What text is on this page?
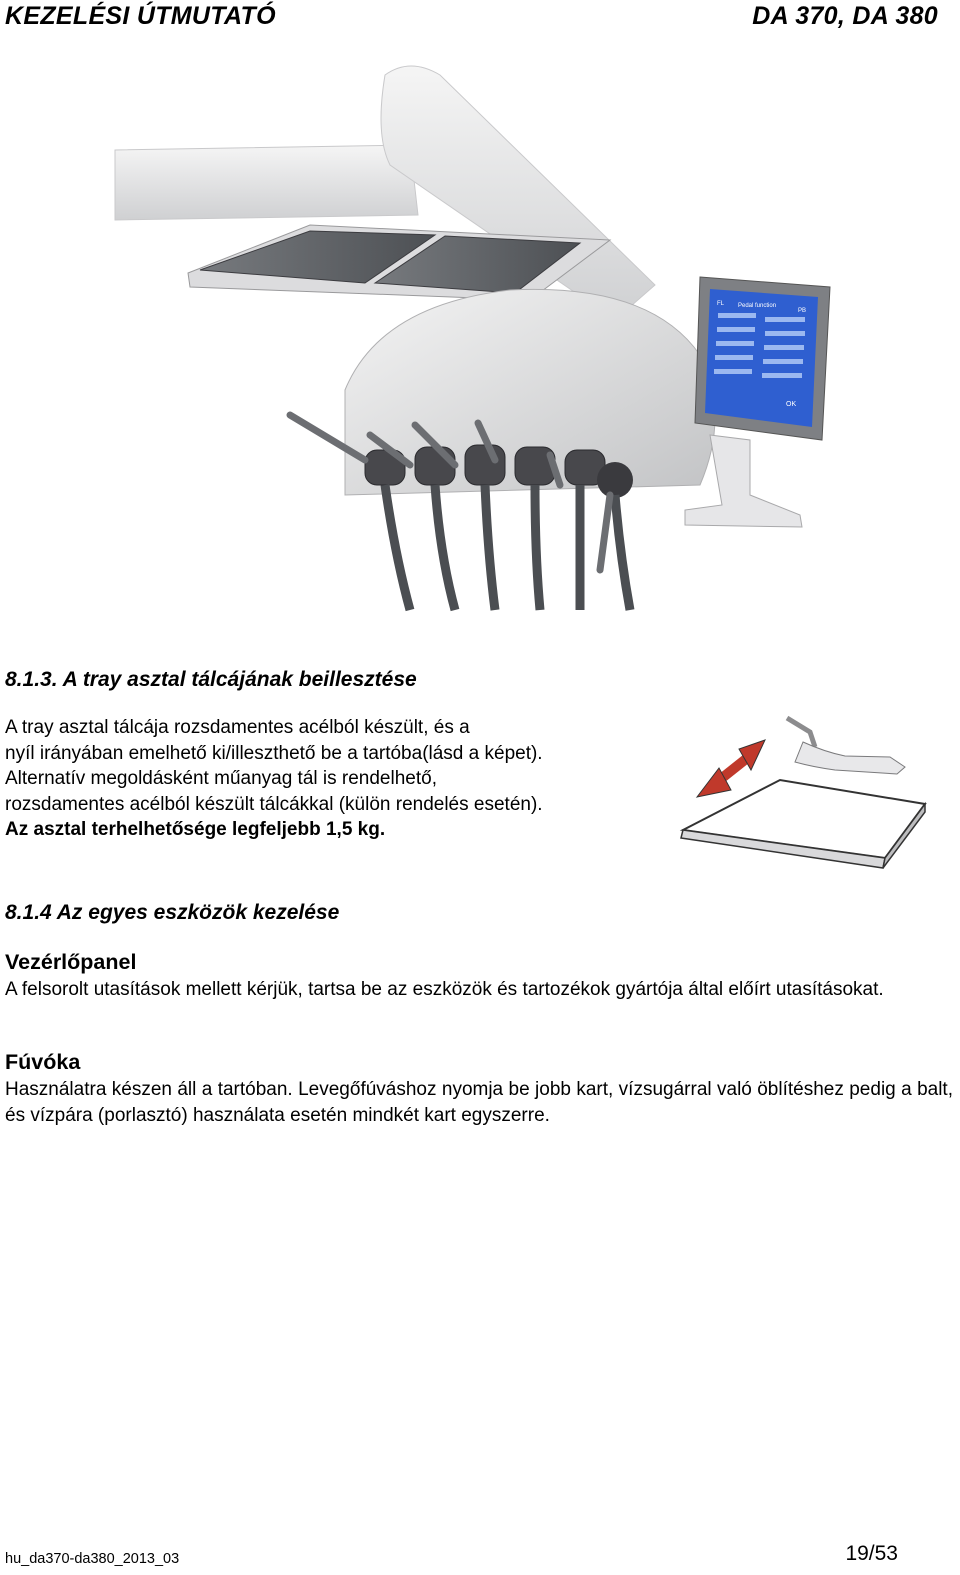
KEZELÉSI ÚTMUTATÓ	DA 370, DA 380
FL Pedal function
PB
OK
8.1.3. A tray asztal tálcájának beillesztése
A tray asztal tálcája rozsdamentes acélból készült, és a
nyíl irányában emelhető ki/illeszthető be a tartóba(lásd a képet).
Alternatív megoldásként műanyag tál is rendelhető,
rozsdamentes acélból készült tálcákkal (külön rendelés esetén).
Az asztal terhelhetősége legfeljebb 1,5 kg.
8.1.4 Az egyes eszközök kezelése
Vezérlőpanel
A felsorolt utasítások mellett kérjük, tartsa be az eszközök és tartozékok gyártója által előírt utasításokat.
Fúvóka
Használatra készen áll a tartóban. Levegőfúváshoz nyomja be jobb kart, vízsugárral való öblítéshez pedig a balt, és vízpára (porlasztó) használata esetén mindkét kart egyszerre.
hu_da370-da380_2013_03	19/53
